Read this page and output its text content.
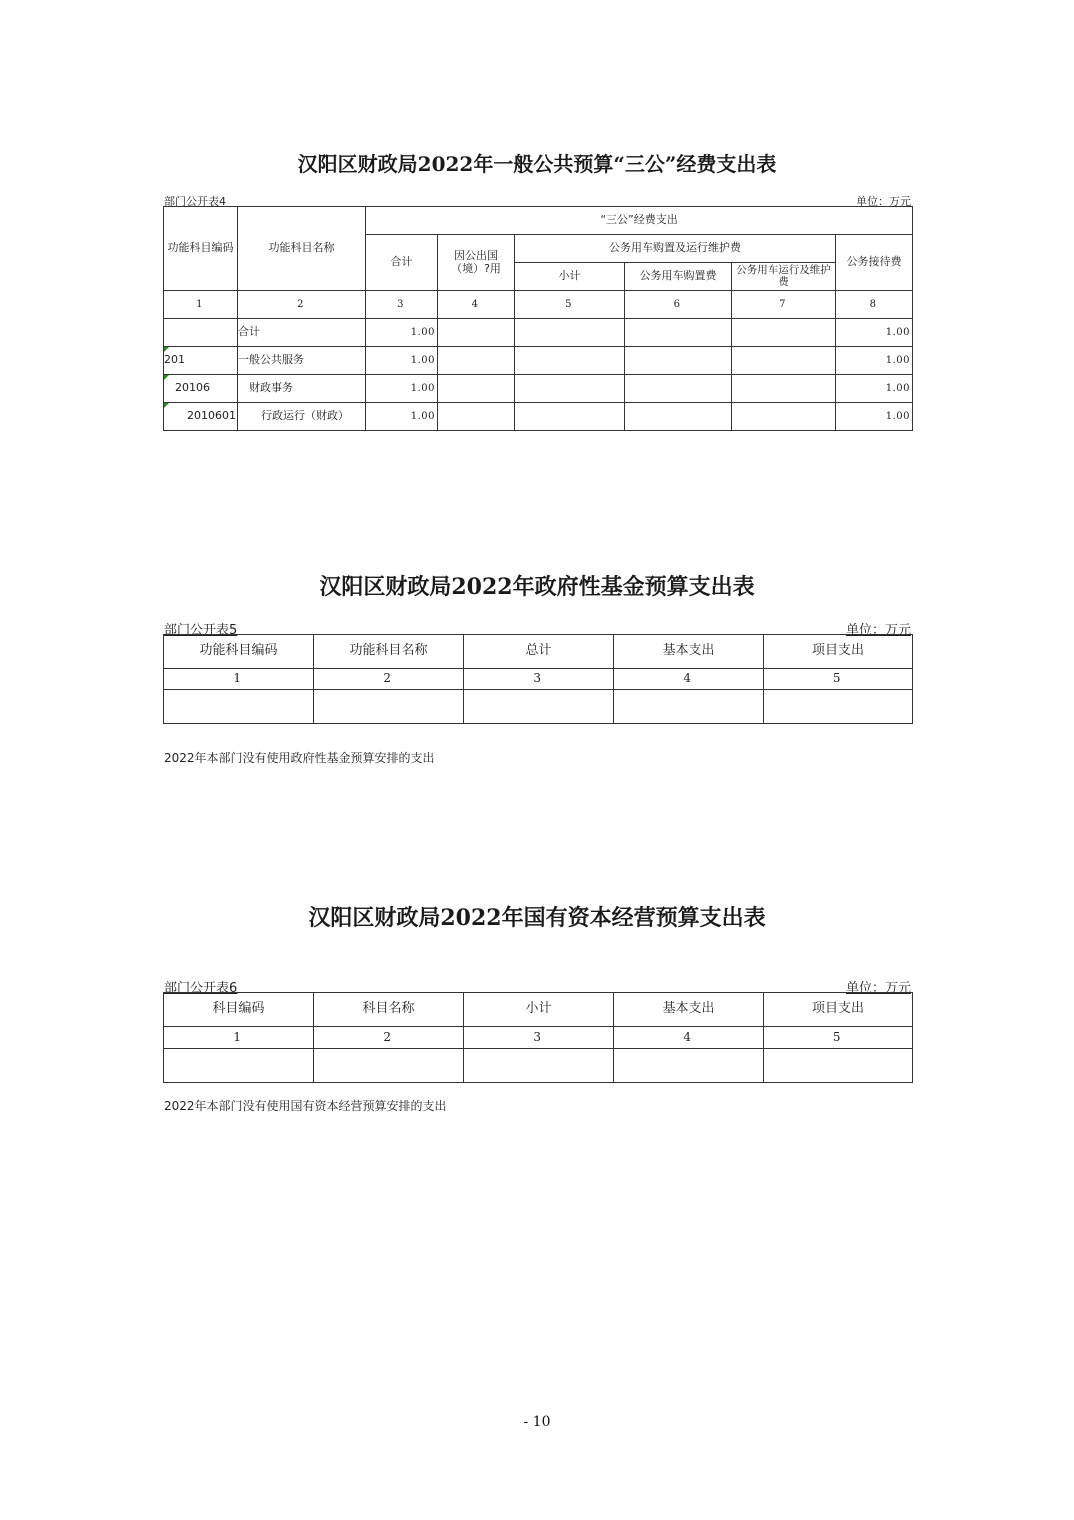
汉阳区财政局2022年一般公共预算“三公”经费支出表
部门公开表4	单位：万元
功能科目编码	功能科目名称	“三公”经费支出					
		合计	因公出国（境）?用	公务用车购置及运行维护费			公务接待费
				小计	公务用车购置费	公务用车运行及维护费	
1	2	3	4	5	6	7	8
	合计	1.00					1.00

201	一般公共服务	1.00					1.00

20106	财政事务	1.00					1.00

2010601	行政运行（财政）	1.00					1.00
汉阳区财政局2022年政府性基金预算支出表
部门公开表5	单位：万元
功能科目编码	功能科目名称	总计	基本支出	项目支出
1	2	3	4	5

2022年本部门没有使用政府性基金预算安排的支出
汉阳区财政局2022年国有资本经营预算支出表
部门公开表6	单位：万元
科目编码	科目名称	小计	基本支出	项目支出
1	2	3	4	5

2022年本部门没有使用国有资本经营预算安排的支出
- 10
